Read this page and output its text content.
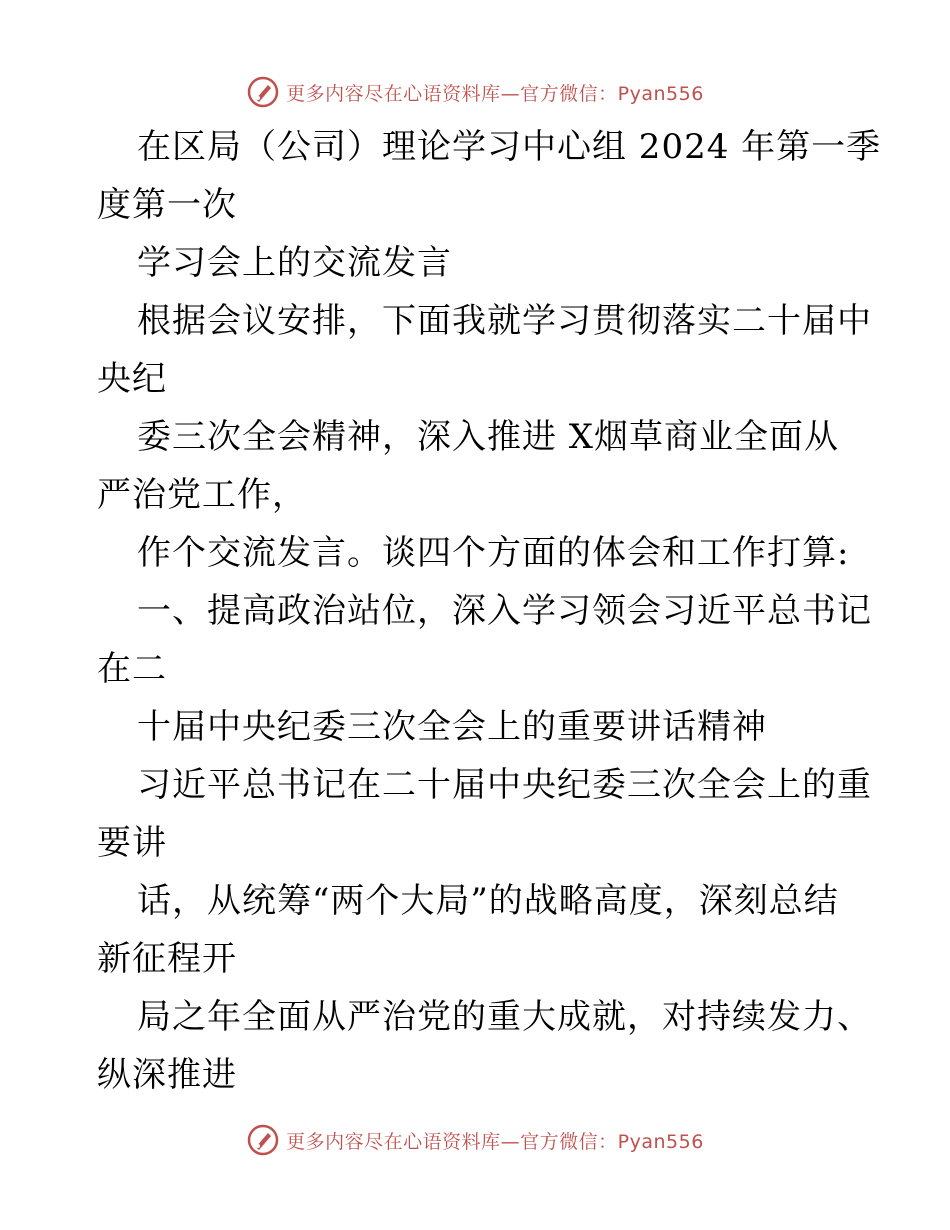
更多内容尽在心语资料库—官方微信：Pyan556
在区局（公司）理论学习中心组 2024 年第一季
度第一次
学习会上的交流发言
根据会议安排，下面我就学习贯彻落实二十届中
央纪
委三次全会精神，深入推进 X烟草商业全面从
严治党工作，
作个交流发言。谈四个方面的体会和工作打算:
一、提高政治站位，深入学习领会习近平总书记
在二
十届中央纪委三次全会上的重要讲话精神
习近平总书记在二十届中央纪委三次全会上的重
要讲
话，从统筹“两个大局”的战略高度，深刻总结
新征程开
局之年全面从严治党的重大成就，对持续发力、
纵深推进
更多内容尽在心语资料库—官方微信：Pyan556
